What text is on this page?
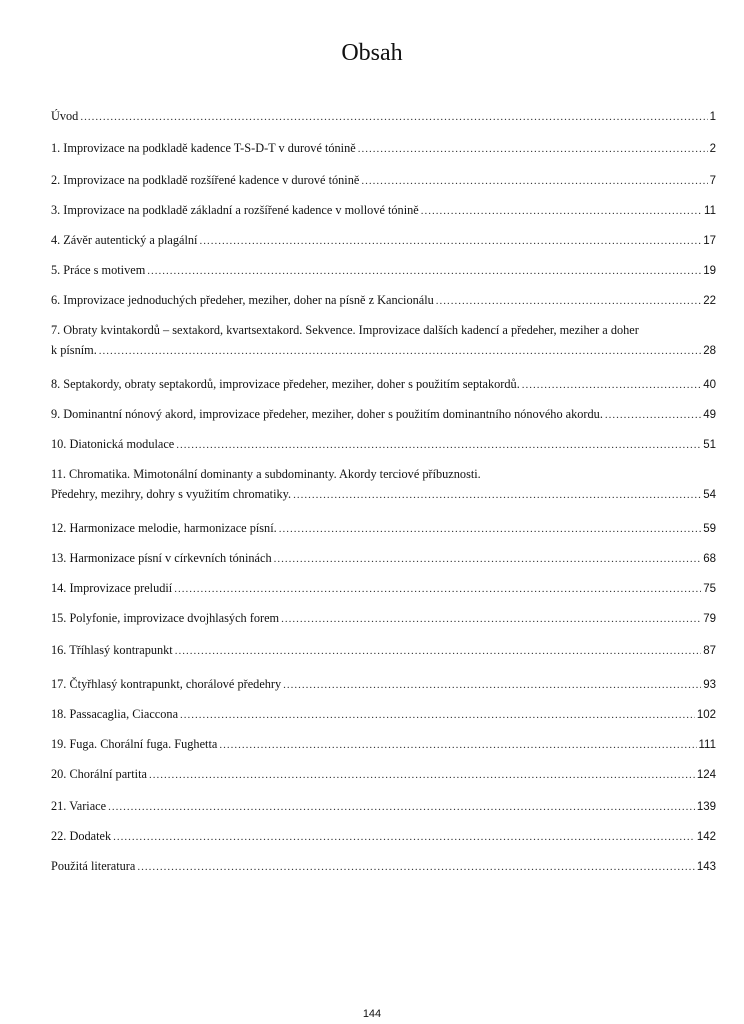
Obsah
Úvod .....	1
1. Improvizace na podkladě kadence T-S-D-T v durové tónině .....	2
2. Improvizace na podkladě rozšířené kadence v durové tónině .....	7
3. Improvizace na podkladě základní a rozšířené kadence v mollové tónině .....	11
4. Závěr autentický a plagální .....	17
5. Práce s motivem .....	19
6. Improvizace jednoduchých předeher, meziher, doher na písně z Kancionálu .....	22
7. Obraty kvintakordů – sextakord, kvartsextakord. Sekvence. Improvizace dalších kadencí a předeher, meziher a doher
k písním. .....	28
8. Septakordy, obraty septakordů, improvizace předeher, meziher, doher s použitím septakordů. .....	40
9. Dominantní nónový akord, improvizace předeher, meziher, doher s použitím dominantního nónového akordu. .....	49
10. Diatonická modulace .....	51
11. Chromatika. Mimotonální dominanty a subdominanty. Akordy terciové příbuznosti.
Předehry, mezihry, dohry s využitím chromatiky. .....	54
12. Harmonizace melodie, harmonizace písní. .....	59
13. Harmonizace písní v církevních tóninách .....	68
14. Improvizace preludií .....	75
15. Polyfonie, improvizace dvojhlasých forem .....	79
16. Tříhlasý kontrapunkt .....	87
17. Čtyřhlasý kontrapunkt, chorálové předehry .....	93
18. Passacaglia, Ciaccona .....	102
19. Fuga. Chorální fuga. Fughetta .....	111
20. Chorální partita .....	124
21. Variace .....	139
22. Dodatek .....	142
Použitá literatura .....	143
144
